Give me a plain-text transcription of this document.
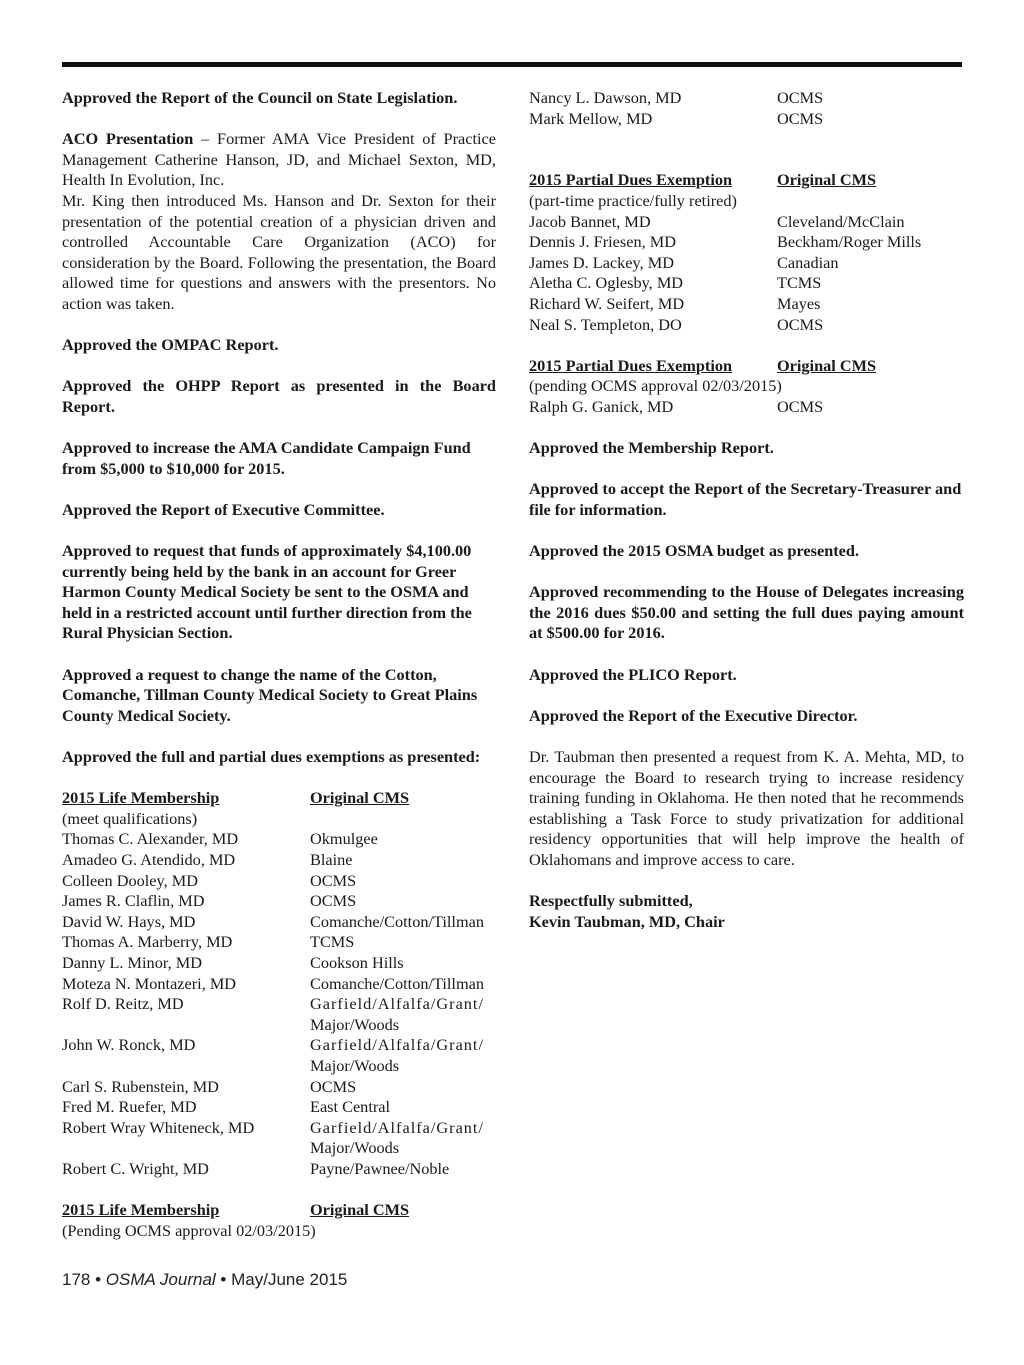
Approved the Report of the Council on State Legislation.

ACO Presentation – Former AMA Vice President of Practice Management Catherine Hanson, JD, and Michael Sexton, MD, Health In Evolution, Inc.
Mr. King then introduced Ms. Hanson and Dr. Sexton for their presentation of the potential creation of a physician driven and controlled Accountable Care Organization (ACO) for consideration by the Board. Following the presentation, the Board allowed time for questions and answers with the presentors. No action was taken.

Approved the OMPAC Report.

Approved the OHPP Report as presented in the Board Report.

Approved to increase the AMA Candidate Campaign Fund from $5,000 to $10,000 for 2015.

Approved the Report of Executive Committee.

Approved to request that funds of approximately $4,100.00 currently being held by the bank in an account for Greer Harmon County Medical Society be sent to the OSMA and held in a restricted account until further direction from the Rural Physician Section.

Approved a request to change the name of the Cotton, Comanche, Tillman County Medical Society to Great Plains County Medical Society.

Approved the full and partial dues exemptions as presented:

2015 Life Membership	Original CMS
(meet qualifications)
Thomas C. Alexander, MD	Okmulgee
Amadeo G. Atendido, MD	Blaine
Colleen Dooley, MD	OCMS
James R. Claflin, MD	OCMS
David W. Hays, MD	Comanche/Cotton/Tillman
Thomas A. Marberry, MD	TCMS
Danny L. Minor, MD	Cookson Hills
Moteza N. Montazeri, MD	Comanche/Cotton/Tillman
Rolf D. Reitz, MD	Garfield/Alfalfa/Grant/
Major/Woods
John W. Ronck, MD	Garfield/Alfalfa/Grant/
Major/Woods
Carl S. Rubenstein, MD	OCMS
Fred M. Ruefer, MD	East Central
Robert Wray Whiteneck, MD	Garfield/Alfalfa/Grant/
Major/Woods
Robert C. Wright, MD	Payne/Pawnee/Noble
2015 Life Membership	Original CMS
(Pending OCMS approval 02/03/2015)
Nancy L. Dawson, MD	OCMS
Mark Mellow, MD	OCMS
2015 Partial Dues Exemption	Original CMS
(part-time practice/fully retired)
Jacob Bannet, MD	Cleveland/McClain
Dennis J. Friesen, MD	Beckham/Roger Mills
James D. Lackey, MD	Canadian
Aletha C. Oglesby, MD	TCMS
Richard W. Seifert, MD	Mayes
Neal S. Templeton, DO	OCMS
2015 Partial Dues Exemption	Original CMS
(pending OCMS approval 02/03/2015)
Ralph G. Ganick, MD	OCMS

Approved the Membership Report.

Approved to accept the Report of the Secretary-Treasurer and file for information.

Approved the 2015 OSMA budget as presented.

Approved recommending to the House of Delegates increasing the 2016 dues $50.00 and setting the full dues paying amount at $500.00 for 2016.

Approved the PLICO Report.

Approved the Report of the Executive Director.

Dr. Taubman then presented a request from K. A. Mehta, MD, to encourage the Board to research trying to increase residency training funding in Oklahoma. He then noted that he recommends establishing a Task Force to study privatization for additional residency opportunities that will help improve the health of Oklahomans and improve access to care.

Respectfully submitted,
Kevin Taubman, MD, Chair
178 • OSMA Journal • May/June 2015
